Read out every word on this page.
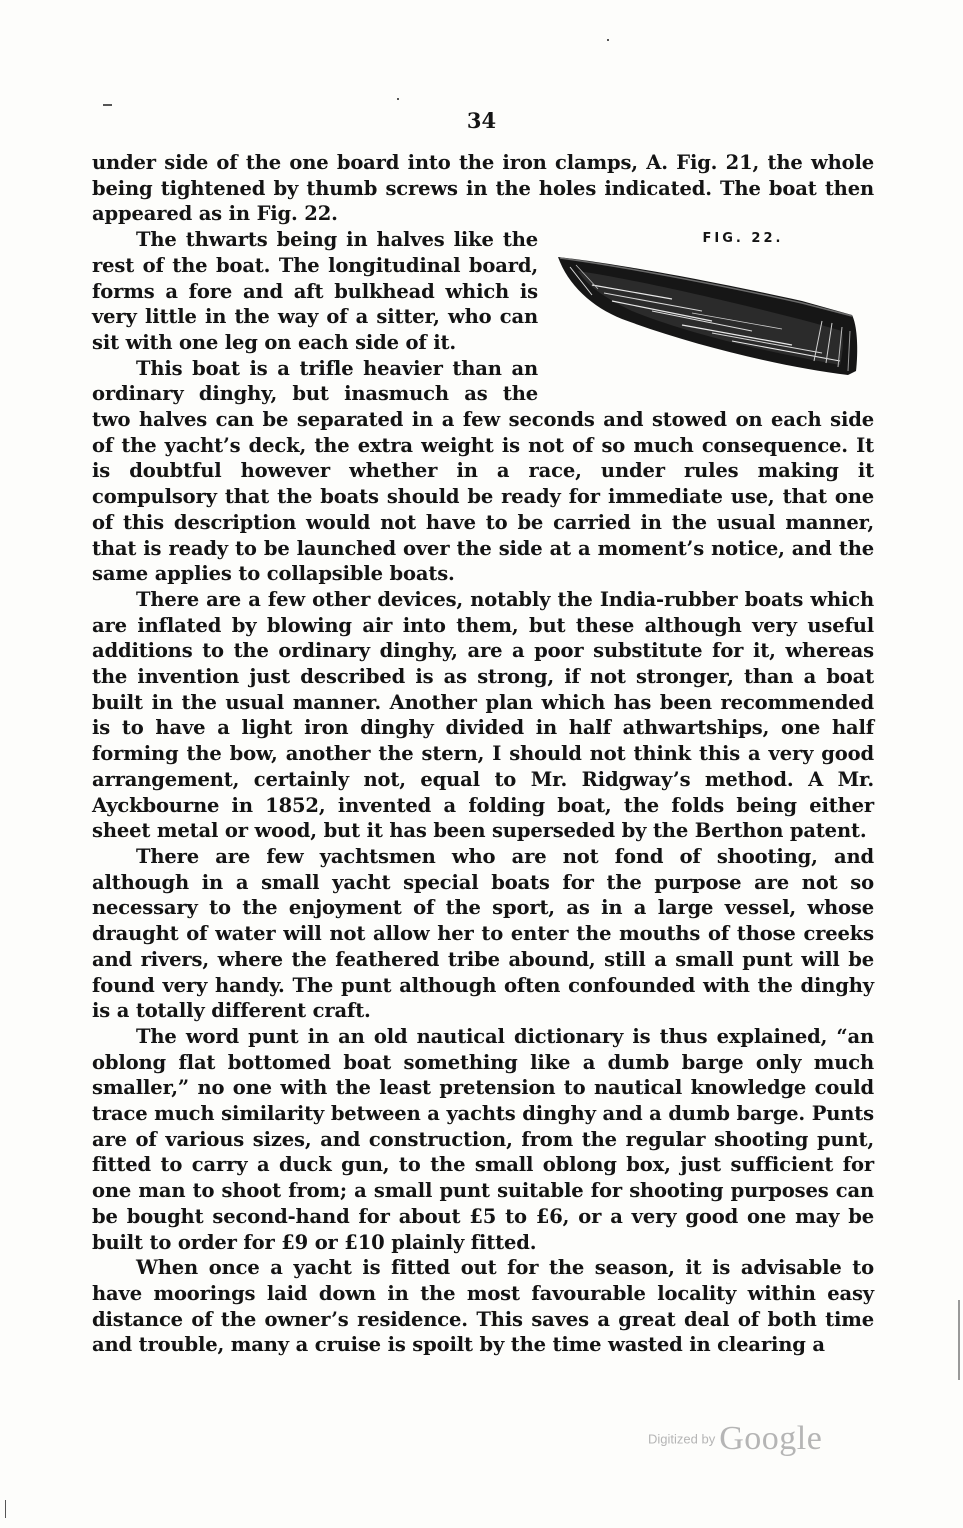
34

under side of the one board into the iron clamps, A. Fig. 21, the whole being tightened by thumb screws in the holes indicated. The boat then appeared as in Fig. 22.

FIG. 22.

The thwarts being in halves like the rest of the boat. The longitudinal board, forms a fore and aft bulkhead which is very little in the way of a sitter, who can sit with one leg on each side of it.

This boat is a trifle heavier than an ordinary dinghy, but inasmuch as the two halves can be separated in a few seconds and stowed on each side of the yacht’s deck, the extra weight is not of so much consequence. It is doubtful however whether in a race, under rules making it compulsory that the boats should be ready for immediate use, that one of this description would not have to be carried in the usual manner, that is ready to be launched over the side at a moment’s notice, and the same applies to collapsible boats.

There are a few other devices, notably the India-rubber boats which are inflated by blowing air into them, but these although very useful additions to the ordinary dinghy, are a poor substitute for it, whereas the invention just described is as strong, if not stronger, than a boat built in the usual manner. Another plan which has been recommended is to have a light iron dinghy divided in half athwartships, one half forming the bow, another the stern, I should not think this a very good arrangement, certainly not, equal to Mr. Ridgway’s method. A Mr. Ayckbourne in 1852, invented a folding boat, the folds being either sheet metal or wood, but it has been superseded by the Berthon patent.

There are few yachtsmen who are not fond of shooting, and although in a small yacht special boats for the purpose are not so necessary to the enjoyment of the sport, as in a large vessel, whose draught of water will not allow her to enter the mouths of those creeks and rivers, where the feathered tribe abound, still a small punt will be found very handy. The punt although often confounded with the dinghy is a totally different craft.

The word punt in an old nautical dictionary is thus explained, “an oblong flat bottomed boat something like a dumb barge only much smaller,” no one with the least pretension to nautical knowledge could trace much similarity between a yachts dinghy and a dumb barge. Punts are of various sizes, and construction, from the regular shooting punt, fitted to carry a duck gun, to the small oblong box, just sufficient for one man to shoot from; a small punt suitable for shooting purposes can be bought second-hand for about £5 to £6, or a very good one may be built to order for £9 or £10 plainly fitted.

When once a yacht is fitted out for the season, it is advisable to have moorings laid down in the most favourable locality within easy distance of the owner’s residence. This saves a great deal of both time and trouble, many a cruise is spoilt by the time wasted in clearing a

Digitized by Google
